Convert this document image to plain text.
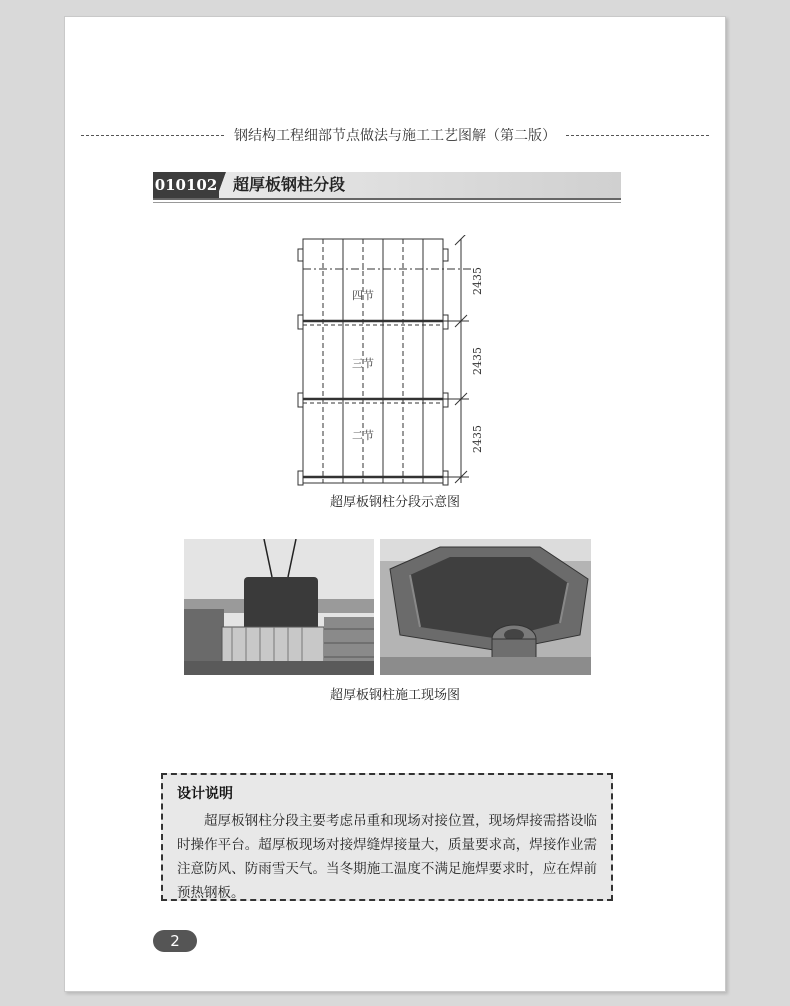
钢结构工程细部节点做法与施工工艺图解（第二版）
010102 超厚板钢柱分段
四节
三节
二节
2435
2435
2435
超厚板钢柱分段示意图
超厚板钢柱施工现场图
设计说明
超厚板钢柱分段主要考虑吊重和现场对接位置，现场焊接需搭设临时操作平台。超厚板现场对接焊缝焊接量大，质量要求高，焊接作业需注意防风、防雨雪天气。当冬期施工温度不满足施焊要求时，应在焊前预热钢板。
2
